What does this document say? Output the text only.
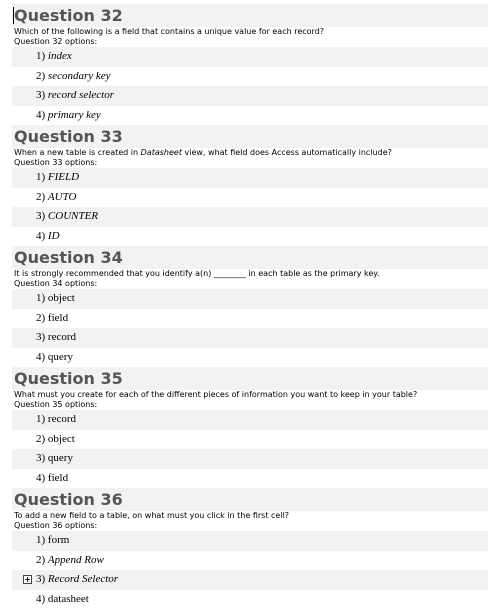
Question 32
Which of the following is a field that contains a unique value for each record?
Question 32 options:
1) index
2) secondary key
3) record selector
4) primary key
Question 33
When a new table is created in Datasheet view, what field does Access automatically include?
Question 33 options:
1) FIELD
2) AUTO
3) COUNTER
4) ID
Question 34
It is strongly recommended that you identify a(n) ________ in each table as the primary key.
Question 34 options:
1) object
2) field
3) record
4) query
Question 35
What must you create for each of the different pieces of information you want to keep in your table?
Question 35 options:
1) record
2) object
3) query
4) field
Question 36
To add a new field to a table, on what must you click in the first cell?
Question 36 options:
1) form
2) Append Row
3) Record Selector
4) datasheet
